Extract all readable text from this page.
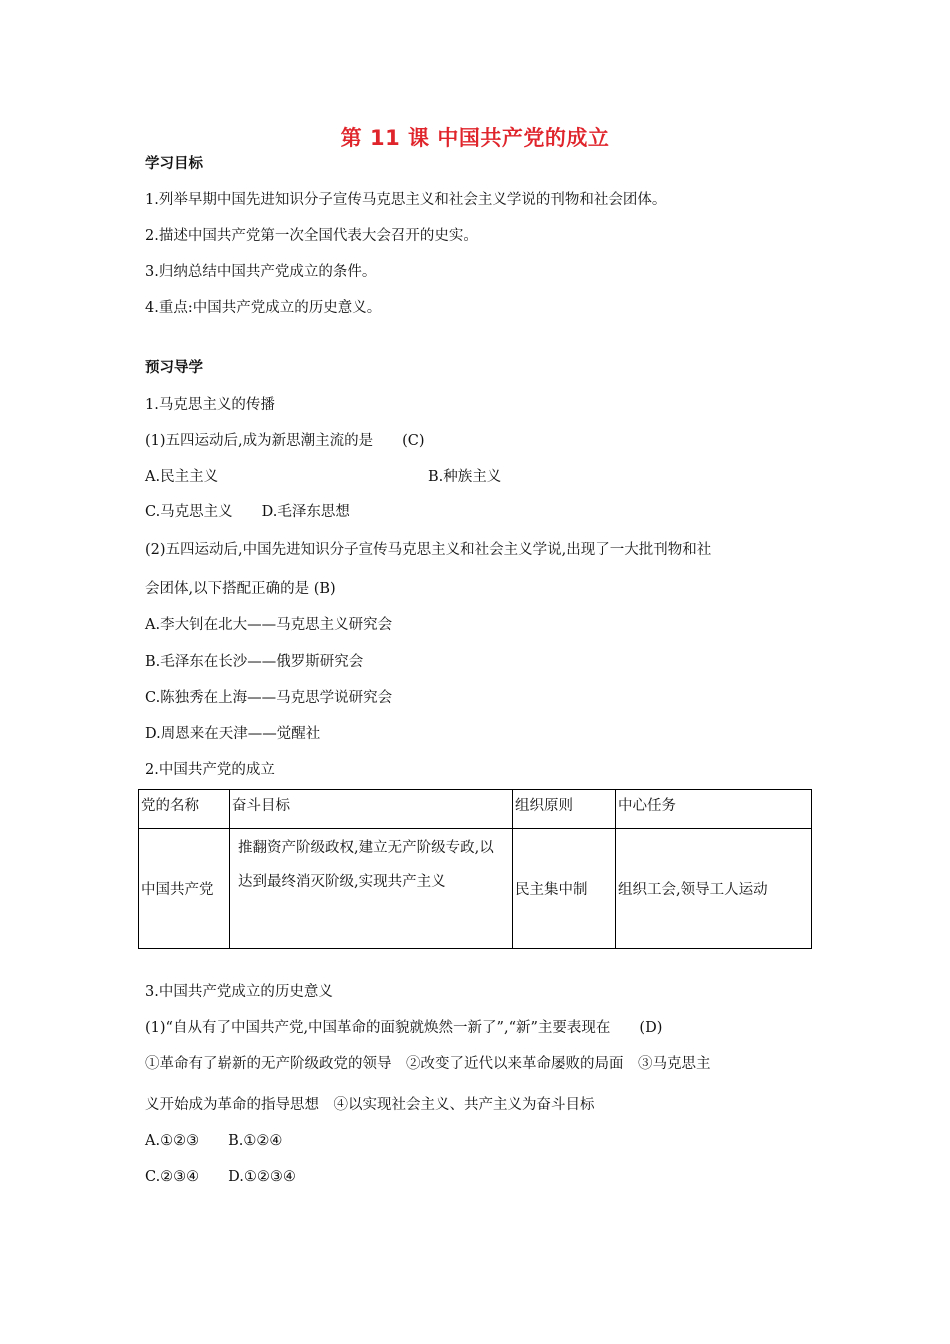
第 11 课 中国共产党的成立
学习目标
1.列举早期中国先进知识分子宣传马克思主义和社会主义学说的刊物和社会团体。
2.描述中国共产党第一次全国代表大会召开的史实。
3.归纳总结中国共产党成立的条件。
4.重点:中国共产党成立的历史意义。
预习导学
1.马克思主义的传播
(1)五四运动后,成为新思潮主流的是　　(C)
A.民主主义	B.种族主义
C.马克思主义　　D.毛泽东思想
(2)五四运动后,中国先进知识分子宣传马克思主义和社会主义学说,出现了一大批刊物和社
会团体,以下搭配正确的是 (B)
A.李大钊在北大——马克思主义研究会
B.毛泽东在长沙——俄罗斯研究会
C.陈独秀在上海——马克思学说研究会
D.周恩来在天津——觉醒社
2.中国共产党的成立
党的名称	奋斗目标	组织原则	中心任务
中国共产党	推翻资产阶级政权,建立无产阶级专政,以达到最终消灭阶级,实现共产主义	民主集中制	组织工会,领导工人运动
3.中国共产党成立的历史意义
(1)“自从有了中国共产党,中国革命的面貌就焕然一新了”,“新”主要表现在　　(D)
①革命有了崭新的无产阶级政党的领导　②改变了近代以来革命屡败的局面　③马克思主
义开始成为革命的指导思想　④以实现社会主义、共产主义为奋斗目标
A.①②③　　B.①②④
C.②③④　　D.①②③④
